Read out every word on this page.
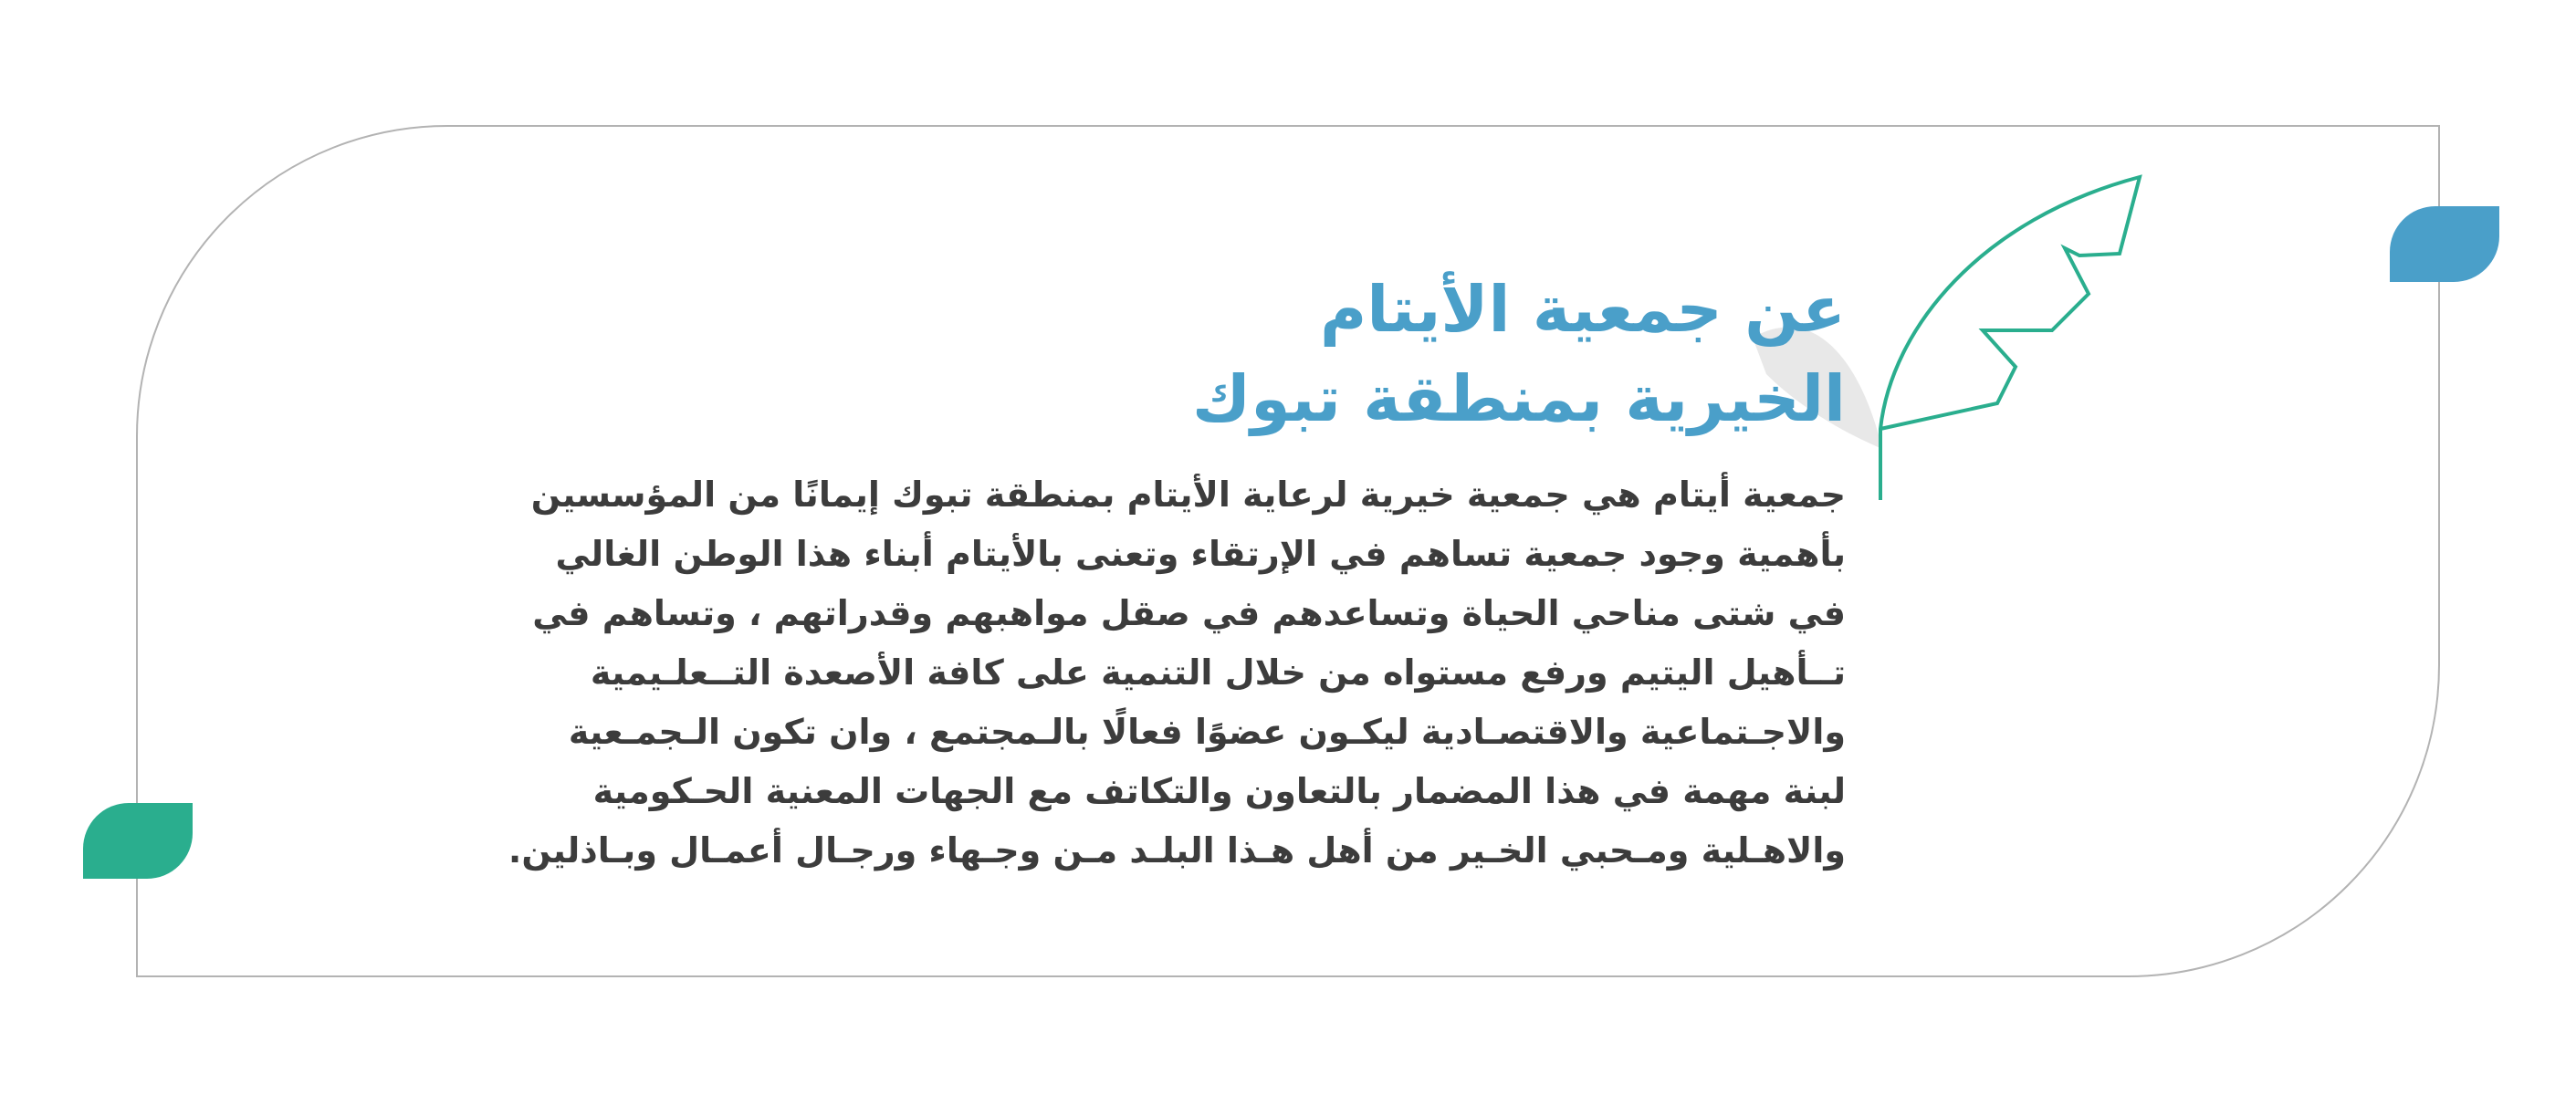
عن جمعية الأيتام
الخيرية بمنطقة تبوك

جمعية أيتام هي جمعية خيرية لرعاية الأيتام بمنطقة تبوك إيمانًا من المؤسسين
بأهمية وجود جمعية تساهم في الإرتقاء وتعنى بالأيتام أبناء هذا الوطن الغالي
في شتى مناحي الحياة وتساعدهم في صقل مواهبهم وقدراتهم ، وتساهم في
تــأهيل اليتيم ورفع مستواه من خلال التنمية على كافة الأصعدة التــعلـيمية
والاجـتماعية والاقتصـادية ليكـون عضوًا فعالًا بالـمجتمع ، وان تكون الـجمـعية
لبنة مهمة في هذا المضمار بالتعاون والتكاتف مع الجهات المعنية الحـكومية
والاهـلية ومـحبي الخـير من أهل هـذا البلـد مـن وجـهاء ورجـال أعمـال وبـاذلين.
